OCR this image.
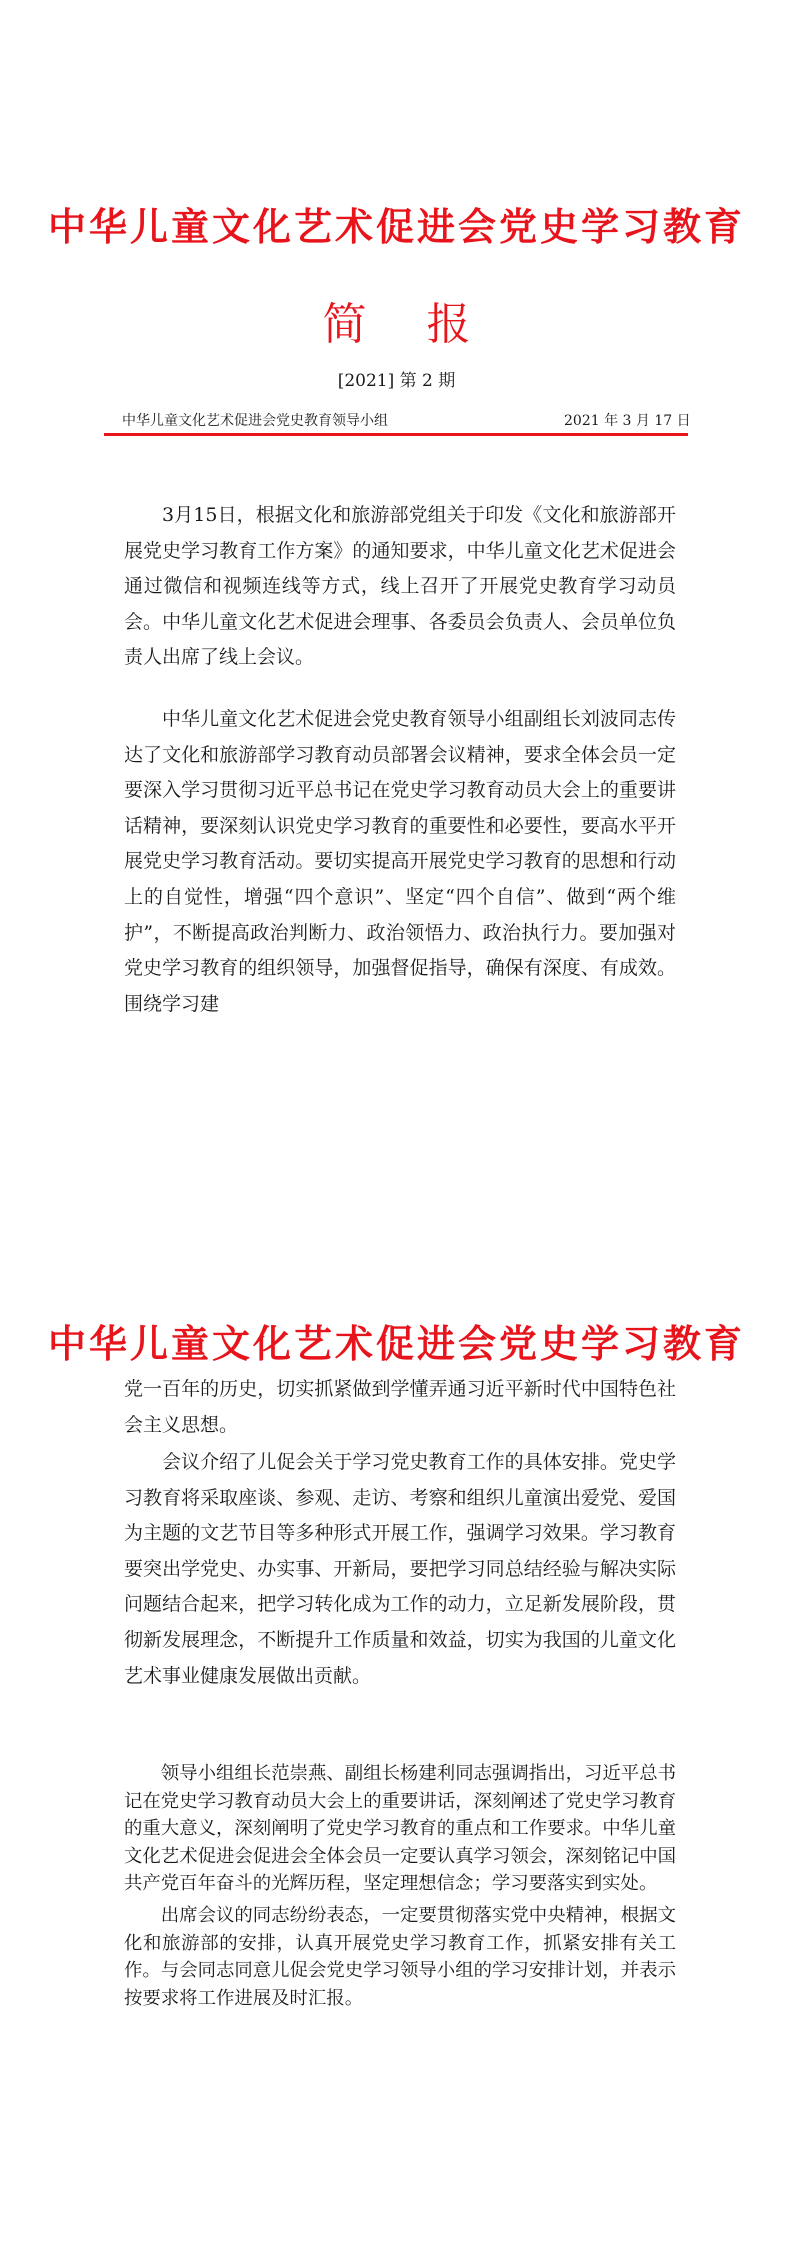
中华儿童文化艺术促进会党史学习教育
简报
[2021] 第 2 期
中华儿童文化艺术促进会党史教育领导小组	2021 年 3 月 17 日

3月15日，根据文化和旅游部党组关于印发《文化和旅游部开展党史学习教育工作方案》的通知要求，中华儿童文化艺术促进会通过微信和视频连线等方式，线上召开了开展党史教育学习动员会。中华儿童文化艺术促进会理事、各委员会负责人、会员单位负责人出席了线上会议。

中华儿童文化艺术促进会党史教育领导小组副组长刘波同志传达了文化和旅游部学习教育动员部署会议精神，要求全体会员一定要深入学习贯彻习近平总书记在党史学习教育动员大会上的重要讲话精神，要深刻认识党史学习教育的重要性和必要性，要高水平开展党史学习教育活动。要切实提高开展党史学习教育的思想和行动上的自觉性，增强“四个意识”、坚定“四个自信”、做到“两个维护”，不断提高政治判断力、政治领悟力、政治执行力。要加强对党史学习教育的组织领导，加强督促指导，确保有深度、有成效。围绕学习建

中华儿童文化艺术促进会党史学习教育

党一百年的历史，切实抓紧做到学懂弄通习近平新时代中国特色社会主义思想。

会议介绍了儿促会关于学习党史教育工作的具体安排。党史学习教育将采取座谈、参观、走访、考察和组织儿童演出爱党、爱国为主题的文艺节目等多种形式开展工作，强调学习效果。学习教育要突出学党史、办实事、开新局，要把学习同总结经验与解决实际问题结合起来，把学习转化成为工作的动力，立足新发展阶段，贯彻新发展理念，不断提升工作质量和效益，切实为我国的儿童文化艺术事业健康发展做出贡献。

领导小组组长范崇燕、副组长杨建利同志强调指出，习近平总书记在党史学习教育动员大会上的重要讲话，深刻阐述了党史学习教育的重大意义，深刻阐明了党史学习教育的重点和工作要求。中华儿童文化艺术促进会促进会全体会员一定要认真学习领会，深刻铭记中国共产党百年奋斗的光辉历程，坚定理想信念；学习要落实到实处。

出席会议的同志纷纷表态，一定要贯彻落实党中央精神，根据文化和旅游部的安排，认真开展党史学习教育工作，抓紧安排有关工作。与会同志同意儿促会党史学习领导小组的学习安排计划，并表示按要求将工作进展及时汇报。
